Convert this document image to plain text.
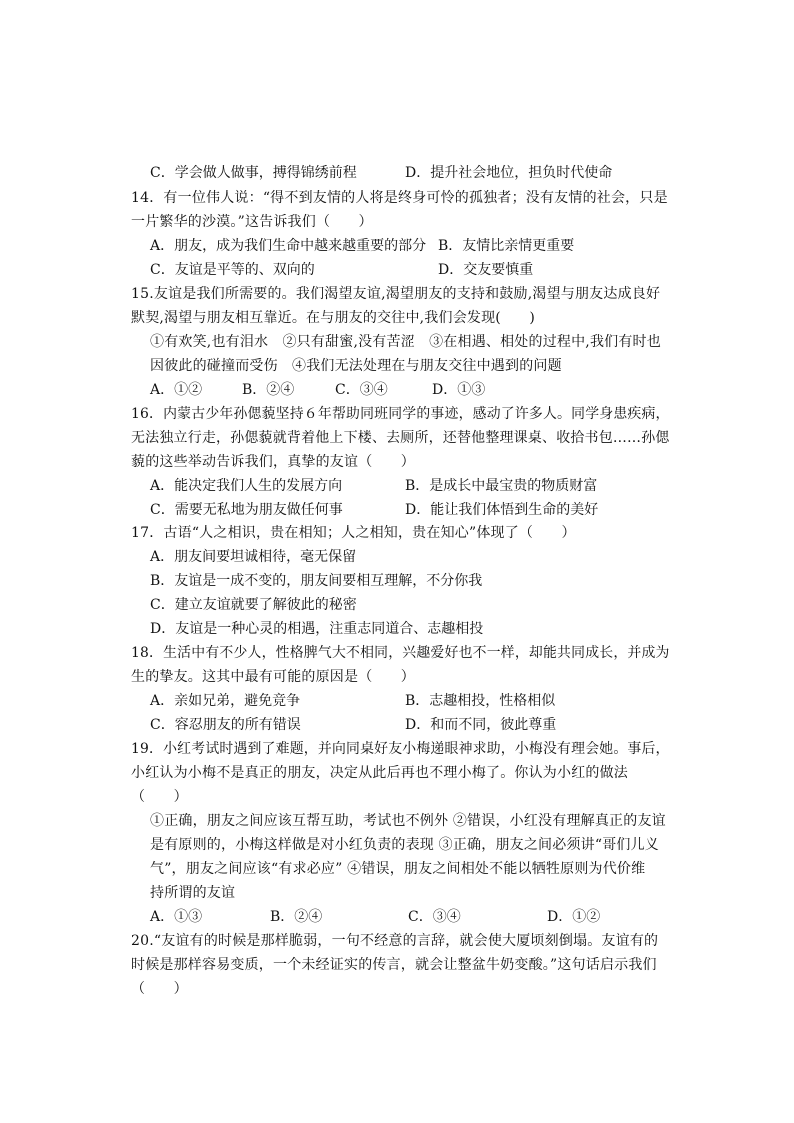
C．学会做人做事，搏得锦绣前程	D．提升社会地位，担负时代使命
14．有一位伟人说：“得不到友情的人将是终身可怜的孤独者；没有友情的社会，只是
一片繁华的沙漠。”这告诉我们（　　）
A．朋友，成为我们生命中越来越重要的部分 B．友情比亲情更重要
C．友谊是平等的、双向的	D．交友要慎重
15.友谊是我们所需要的。我们渴望友谊,渴望朋友的支持和鼓励,渴望与朋友达成良好
默契,渴望与朋友相互靠近。在与朋友的交往中,我们会发现(　　)
①有欢笑,也有泪水　②只有甜蜜,没有苦涩　③在相遇、相处的过程中,我们有时也
因彼此的碰撞而受伤　④我们无法处理在与朋友交往中遇到的问题
A．①②	B．②④	C．③④	D．①③
16．内蒙古少年孙偲藐坚持６年帮助同班同学的事迹，感动了许多人。同学身患疾病，
无法独立行走，孙偲藐就背着他上下楼、去厕所，还替他整理课桌、收拾书包……孙偲
藐的这些举动告诉我们，真挚的友谊（　　）
A．能决定我们人生的发展方向	B．是成长中最宝贵的物质财富
C．需要无私地为朋友做任何事	D．能让我们体悟到生命的美好
17．古语“人之相识，贵在相知；人之相知，贵在知心”体现了（　　）
A．朋友间要坦诚相待，毫无保留
B．友谊是一成不变的，朋友间要相互理解，不分你我
C．建立友谊就要了解彼此的秘密
D．友谊是一种心灵的相遇，注重志同道合、志趣相投
18．生活中有不少人，性格脾气大不相同，兴趣爱好也不一样，却能共同成长，并成为
生的挚友。这其中最有可能的原因是（　　）
A．亲如兄弟，避免竞争	B．志趣相投，性格相似
C．容忍朋友的所有错误	D．和而不同，彼此尊重
19．小红考试时遇到了难题，并向同桌好友小梅递眼神求助，小梅没有理会她。事后，
小红认为小梅不是真正的朋友，决定从此后再也不理小梅了。你认为小红的做法
（　　）
①正确，朋友之间应该互帮互助，考试也不例外 ②错误，小红没有理解真正的友谊
是有原则的，小梅这样做是对小红负责的表现 ③正确，朋友之间必须讲“哥们儿义
气”，朋友之间应该“有求必应” ④错误，朋友之间相处不能以牺牲原则为代价维
持所谓的友谊
A．①③	B．②④	C．③④	D．①②
20.“友谊有的时候是那样脆弱，一句不经意的言辞，就会使大厦顷刻倒塌。友谊有的
时候是那样容易变质，一个未经证实的传言，就会让整盆牛奶变酸。”这句话启示我们
（　　）
